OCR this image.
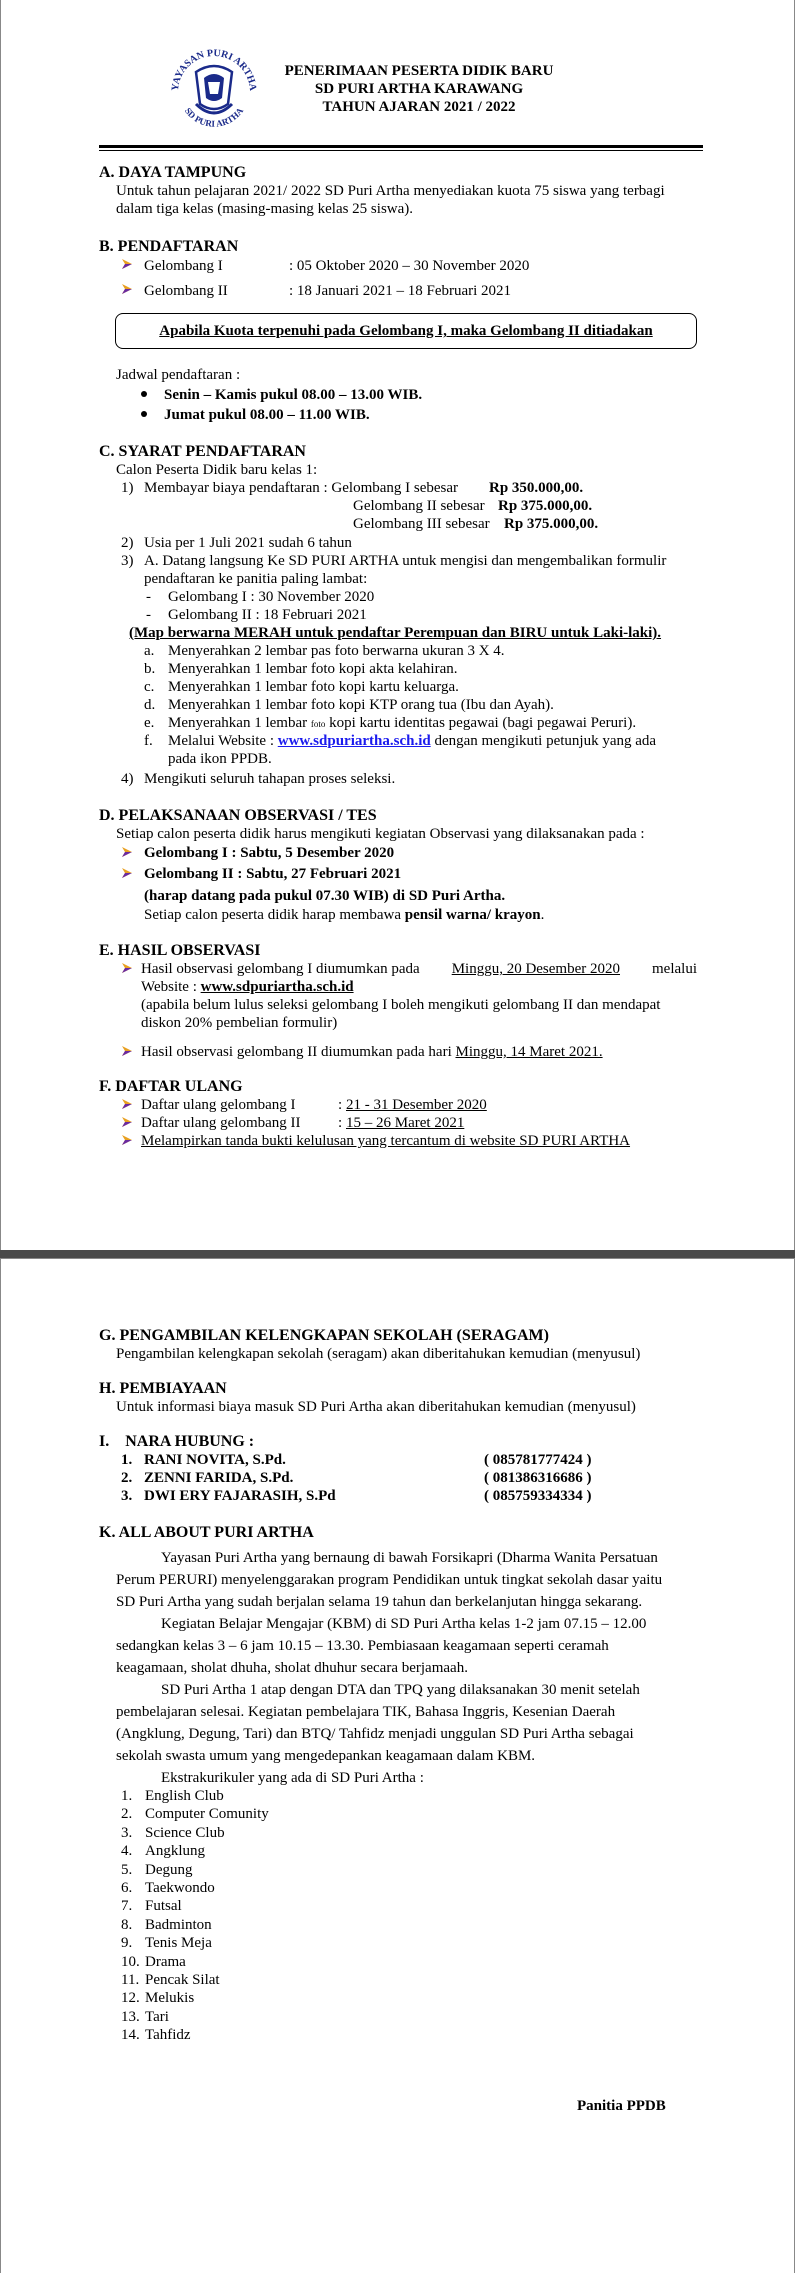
YAYASAN PURI ARTHA
SD PURI ARTHA
PENERIMAAN PESERTA DIDIK BARU
SD PURI ARTHA KARAWANG
TAHUN AJARAN 2021 / 2022
A. DAYA TAMPUNG
Untuk tahun pelajaran 2021/ 2022 SD Puri Artha menyediakan kuota 75 siswa yang terbagi
dalam tiga kelas (masing-masing kelas 25 siswa).
B. PENDAFTARAN
Gelombang I	: 05 Oktober 2020 – 30 November 2020
Gelombang II	: 18 Januari 2021 – 18 Februari 2021
Apabila Kuota terpenuhi pada Gelombang I, maka Gelombang II ditiadakan
Jadwal pendaftaran :
Senin – Kamis pukul 08.00 – 13.00 WIB.
Jumat pukul 08.00 – 11.00 WIB.
C. SYARAT PENDAFTARAN
Calon Peserta Didik baru kelas 1:
1) Membayar biaya pendaftaran : Gelombang I sebesar Rp 350.000,00.
Gelombang II sebesar Rp 375.000,00.
Gelombang III sebesar Rp 375.000,00.
2) Usia per 1 Juli 2021 sudah 6 tahun
3) A. Datang langsung Ke SD PURI ARTHA untuk mengisi dan mengembalikan formulir
pendaftaran ke panitia paling lambat:
- Gelombang I : 30 November 2020
- Gelombang II : 18 Februari 2021
(Map berwarna MERAH untuk pendaftar Perempuan dan BIRU untuk Laki-laki).
a. Menyerahkan 2 lembar pas foto berwarna ukuran 3 X 4.
b. Menyerahkan 1 lembar foto kopi akta kelahiran.
c. Menyerahkan 1 lembar foto kopi kartu keluarga.
d. Menyerahkan 1 lembar foto kopi KTP orang tua (Ibu dan Ayah).
e. Menyerahkan 1 lembar foto kopi kartu identitas pegawai (bagi pegawai Peruri).
f. Melalui Website : www.sdpuriartha.sch.id dengan mengikuti petunjuk yang ada
pada ikon PPDB.
4) Mengikuti seluruh tahapan proses seleksi.
D. PELAKSANAAN OBSERVASI / TES
Setiap calon peserta didik harus mengikuti kegiatan Observasi yang dilaksanakan pada :
Gelombang I : Sabtu, 5 Desember 2020
Gelombang II : Sabtu, 27 Februari 2021
(harap datang pada pukul 07.30 WIB) di SD Puri Artha.
Setiap calon peserta didik harap membawa pensil warna/ krayon.
E. HASIL OBSERVASI
Hasil observasi gelombang I diumumkan pada Minggu, 20 Desember 2020 melalui
Website : www.sdpuriartha.sch.id
(apabila belum lulus seleksi gelombang I boleh mengikuti gelombang II dan mendapat
diskon 20% pembelian formulir)
Hasil observasi gelombang II diumumkan pada hari Minggu, 14 Maret 2021.
F. DAFTAR ULANG
Daftar ulang gelombang I	: 21 - 31 Desember 2020
Daftar ulang gelombang II : 15 – 26 Maret 2021
Melampirkan tanda bukti kelulusan yang tercantum di website SD PURI ARTHA
G. PENGAMBILAN KELENGKAPAN SEKOLAH (SERAGAM)
Pengambilan kelengkapan sekolah (seragam) akan diberitahukan kemudian (menyusul)
H. PEMBIAYAAN
Untuk informasi biaya masuk SD Puri Artha akan diberitahukan kemudian (menyusul)
I.    NARA HUBUNG :
1. RANI NOVITA, S.Pd.	( 085781777424 )
2. ZENNI FARIDA, S.Pd.	( 081386316686 )
3. DWI ERY FAJARASIH, S.Pd	( 085759334334 )
K. ALL ABOUT PURI ARTHA
Yayasan Puri Artha yang bernaung di bawah Forsikapri (Dharma Wanita Persatuan
Perum PERURI) menyelenggarakan program Pendidikan untuk tingkat sekolah dasar yaitu
SD Puri Artha yang sudah berjalan selama 19 tahun dan berkelanjutan hingga sekarang.
Kegiatan Belajar Mengajar (KBM) di SD Puri Artha kelas 1-2 jam 07.15 – 12.00
sedangkan kelas 3 – 6 jam 10.15 – 13.30. Pembiasaan keagamaan seperti ceramah
keagamaan, sholat dhuha, sholat dhuhur secara berjamaah.
SD Puri Artha 1 atap dengan DTA dan TPQ yang dilaksanakan 30 menit setelah
pembelajaran selesai. Kegiatan pembelajara TIK, Bahasa Inggris, Kesenian Daerah
(Angklung, Degung, Tari) dan BTQ/ Tahfidz menjadi unggulan SD Puri Artha sebagai
sekolah swasta umum yang mengedepankan keagamaan dalam KBM.
Ekstrakurikuler yang ada di SD Puri Artha :
1. English Club
2. Computer Comunity
3. Science Club
4. Angklung
5. Degung
6. Taekwondo
7. Futsal
8. Badminton
9. Tenis Meja
10. Drama
11. Pencak Silat
12. Melukis
13. Tari
14. Tahfidz
Panitia PPDB
